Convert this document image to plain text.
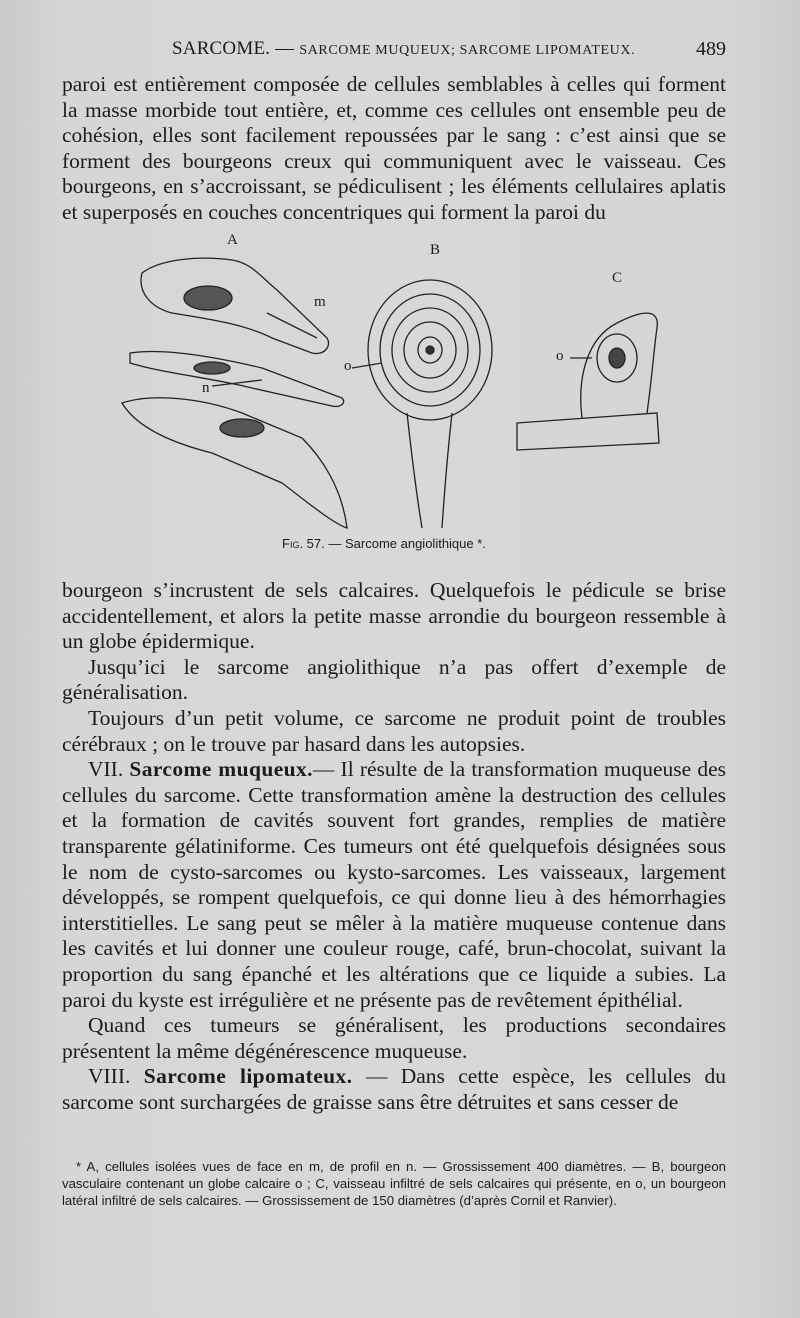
SARCOME. — SARCOME MUQUEUX; SARCOME LIPOMATEUX.	489

paroi est entièrement composée de cellules semblables à celles qui forment la masse morbide tout entière, et, comme ces cellules ont ensemble peu de cohésion, elles sont facilement repoussées par le sang : c’est ainsi que se forment des bourgeons creux qui communiquent avec le vaisseau. Ces bourgeons, en s’accroissant, se pédiculisent ; les éléments cellulaires aplatis et superposés en couches concentriques qui forment la paroi du

A
B
C
m
n
o
o
Fig. 57. — Sarcome angiolithique *.

bourgeon s’incrustent de sels calcaires. Quelquefois le pédicule se brise accidentellement, et alors la petite masse arrondie du bourgeon ressemble à un globe épidermique.

Jusqu’ici le sarcome angiolithique n’a pas offert d’exemple de généralisation.

Toujours d’un petit volume, ce sarcome ne produit point de troubles cérébraux ; on le trouve par hasard dans les autopsies.

VII. Sarcome muqueux.— Il résulte de la transformation muqueuse des cellules du sarcome. Cette transformation amène la destruction des cellules et la formation de cavités souvent fort grandes, remplies de matière transparente gélatiniforme. Ces tumeurs ont été quelquefois désignées sous le nom de cysto-sarcomes ou kysto-sarcomes. Les vaisseaux, largement développés, se rompent quelquefois, ce qui donne lieu à des hémorrhagies interstitielles. Le sang peut se mêler à la matière muqueuse contenue dans les cavités et lui donner une couleur rouge, café, brun-chocolat, suivant la proportion du sang épanché et les altérations que ce liquide a subies. La paroi du kyste est irrégulière et ne présente pas de revêtement épithélial.

Quand ces tumeurs se généralisent, les productions secondaires présentent la même dégénérescence muqueuse.

VIII. Sarcome lipomateux. — Dans cette espèce, les cellules du sarcome sont surchargées de graisse sans être détruites et sans cesser de

* A, cellules isolées vues de face en m, de profil en n. — Grossissement 400 diamètres. — B, bourgeon vasculaire contenant un globe calcaire o ; C, vaisseau infiltré de sels calcaires qui présente, en o, un bourgeon latéral infiltré de sels calcaires. — Grossissement de 150 diamètres (d’après Cornil et Ranvier).
